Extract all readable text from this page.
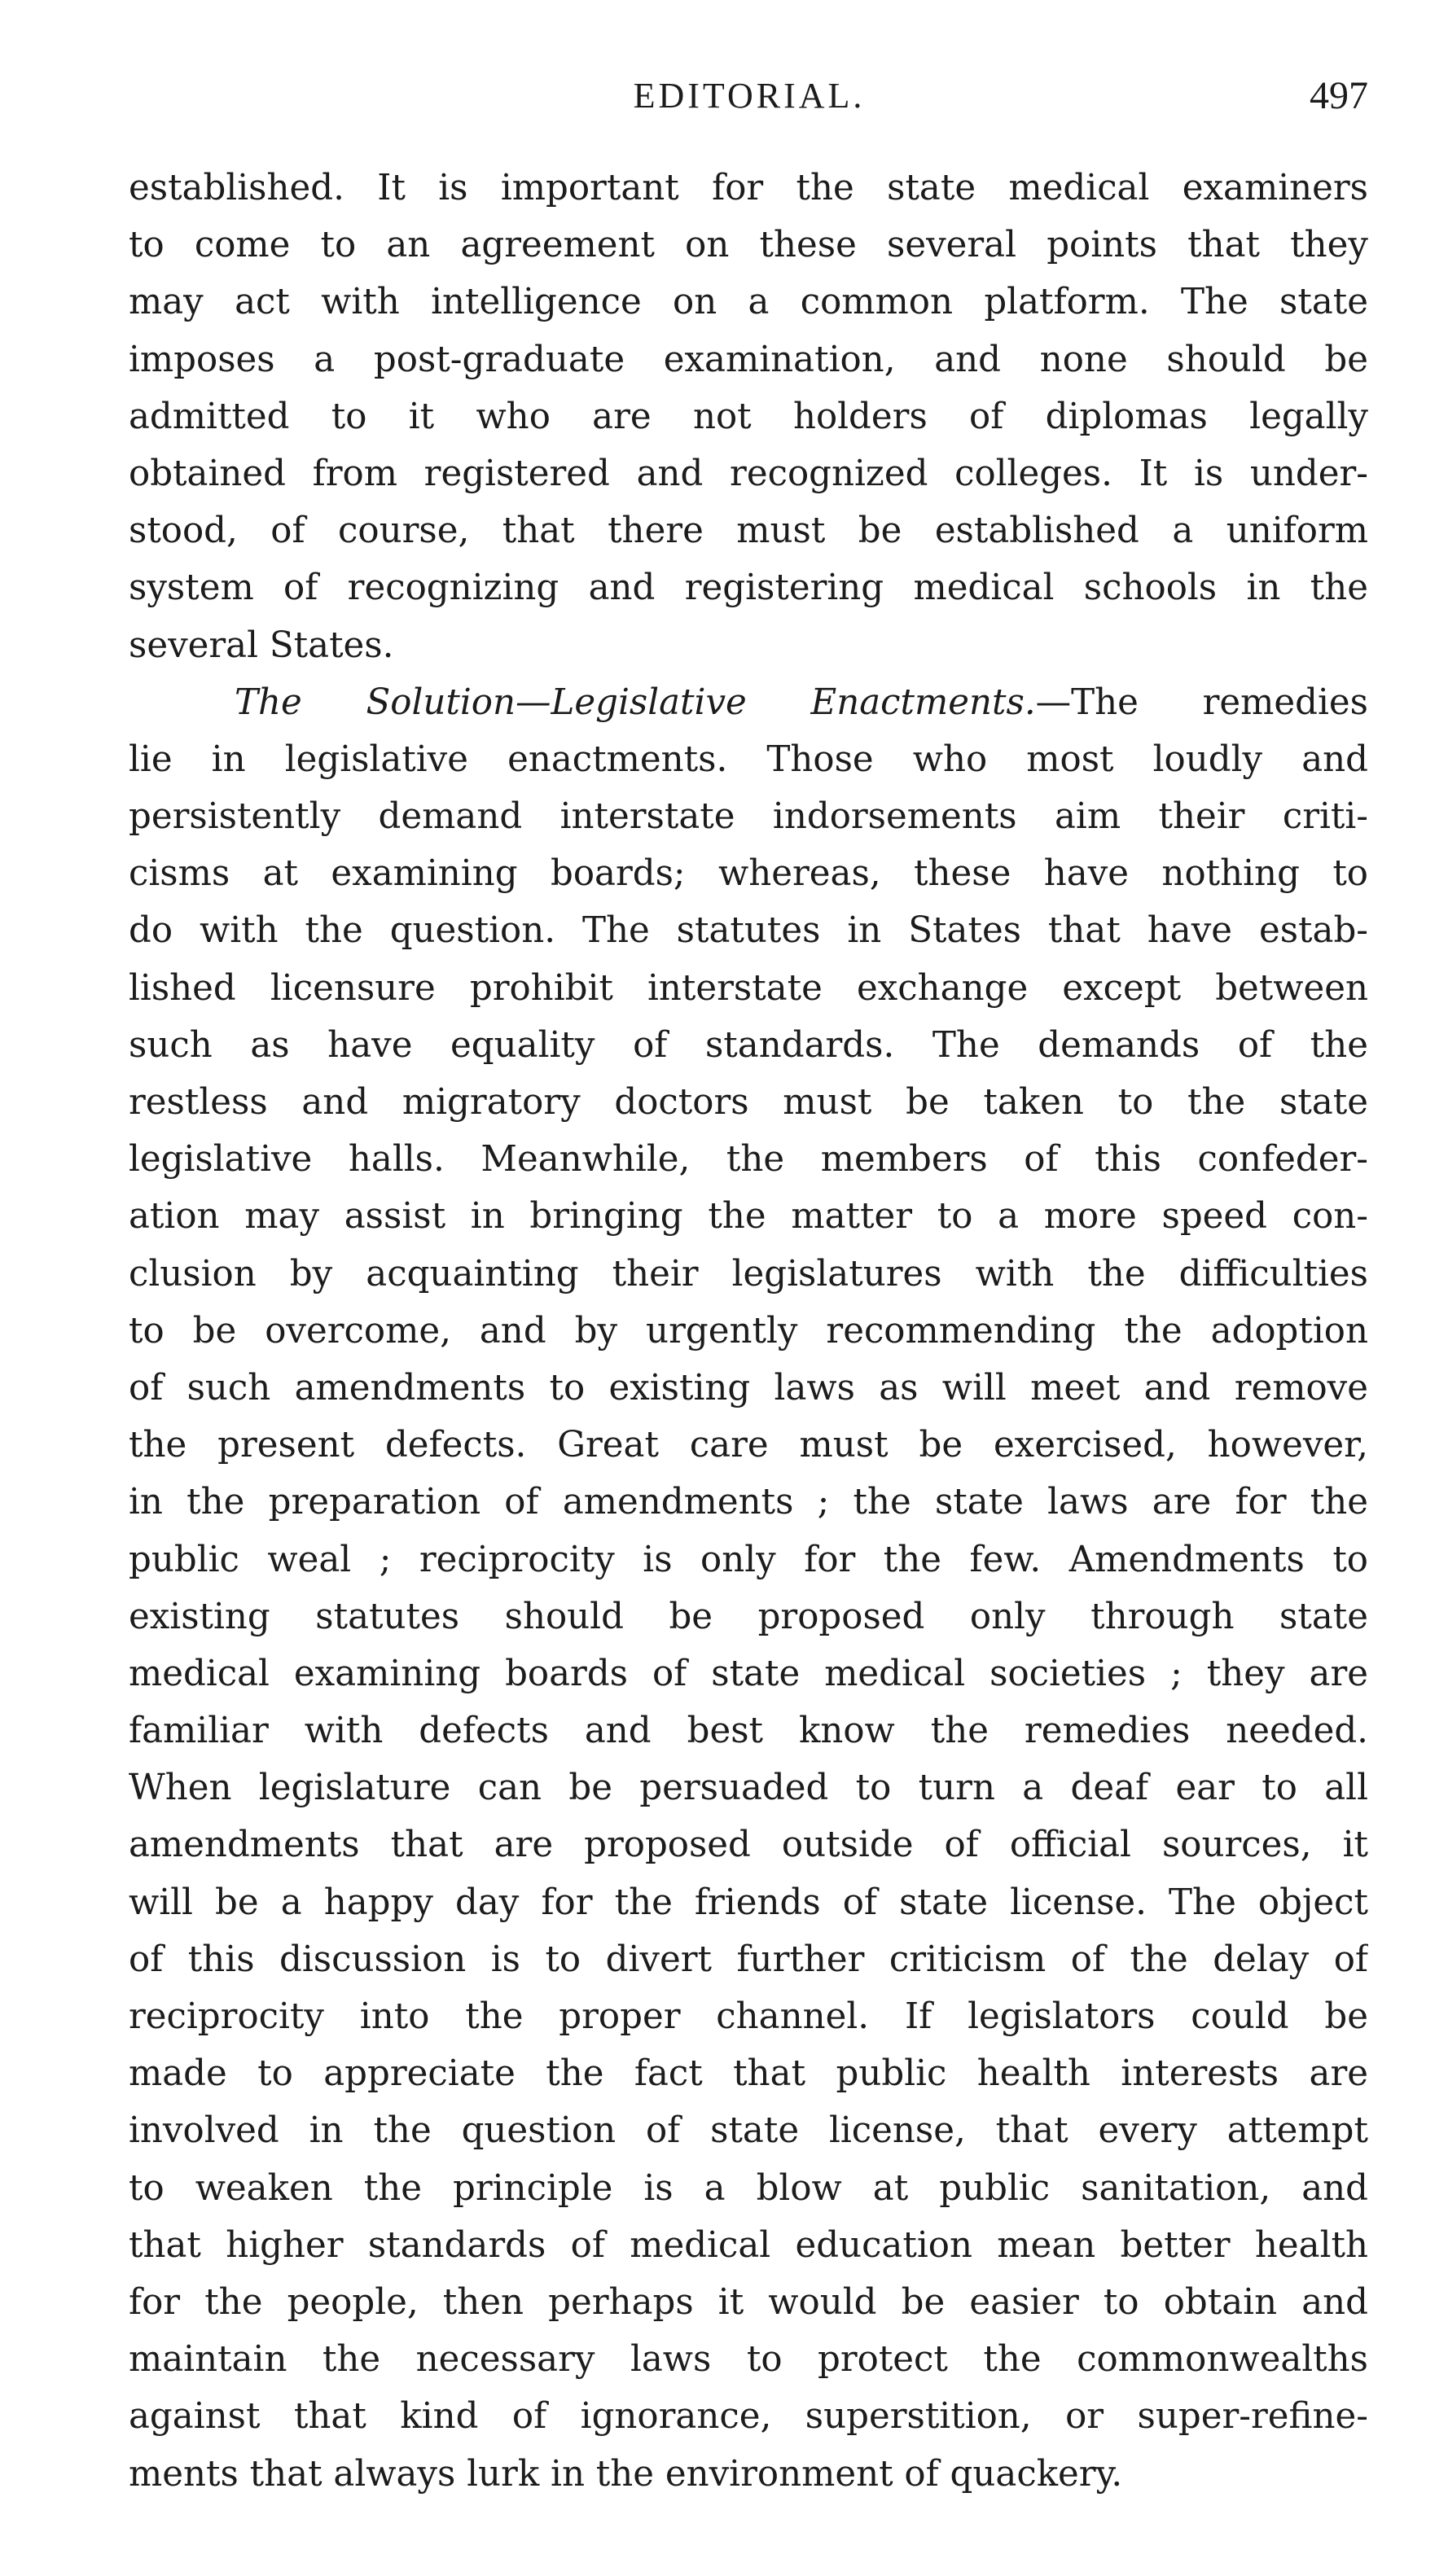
EDITORIAL.	497
established. It is important for the state medical examiners
to come to an agreement on these several points that they
may act with intelligence on a common platform. The state
imposes a post-graduate examination, and none should be
admitted to it who are not holders of diplomas legally
obtained from registered and recognized colleges. It is under-
stood, of course, that there must be established a uniform
system of recognizing and registering medical schools in the
several States.
The Solution—Legislative Enactments.—The remedies
lie in legislative enactments. Those who most loudly and
persistently demand interstate indorsements aim their criti-
cisms at examining boards; whereas, these have nothing to
do with the question. The statutes in States that have estab-
lished licensure prohibit interstate exchange except between
such as have equality of standards. The demands of the
restless and migratory doctors must be taken to the state
legislative halls. Meanwhile, the members of this confeder-
ation may assist in bringing the matter to a more speed con-
clusion by acquainting their legislatures with the difficulties
to be overcome, and by urgently recommending the adoption
of such amendments to existing laws as will meet and remove
the present defects. Great care must be exercised, however,
in the preparation of amendments ; the state laws are for the
public weal ; reciprocity is only for the few. Amendments to
existing statutes should be proposed only through state
medical examining boards of state medical societies ; they are
familiar with defects and best know the remedies needed.
When legislature can be persuaded to turn a deaf ear to all
amendments that are proposed outside of official sources, it
will be a happy day for the friends of state license. The object
of this discussion is to divert further criticism of the delay of
reciprocity into the proper channel. If legislators could be
made to appreciate the fact that public health interests are
involved in the question of state license, that every attempt
to weaken the principle is a blow at public sanitation, and
that higher standards of medical education mean better health
for the people, then perhaps it would be easier to obtain and
maintain the necessary laws to protect the commonwealths
against that kind of ignorance, superstition, or super-refine-
ments that always lurk in the environment of quackery.
